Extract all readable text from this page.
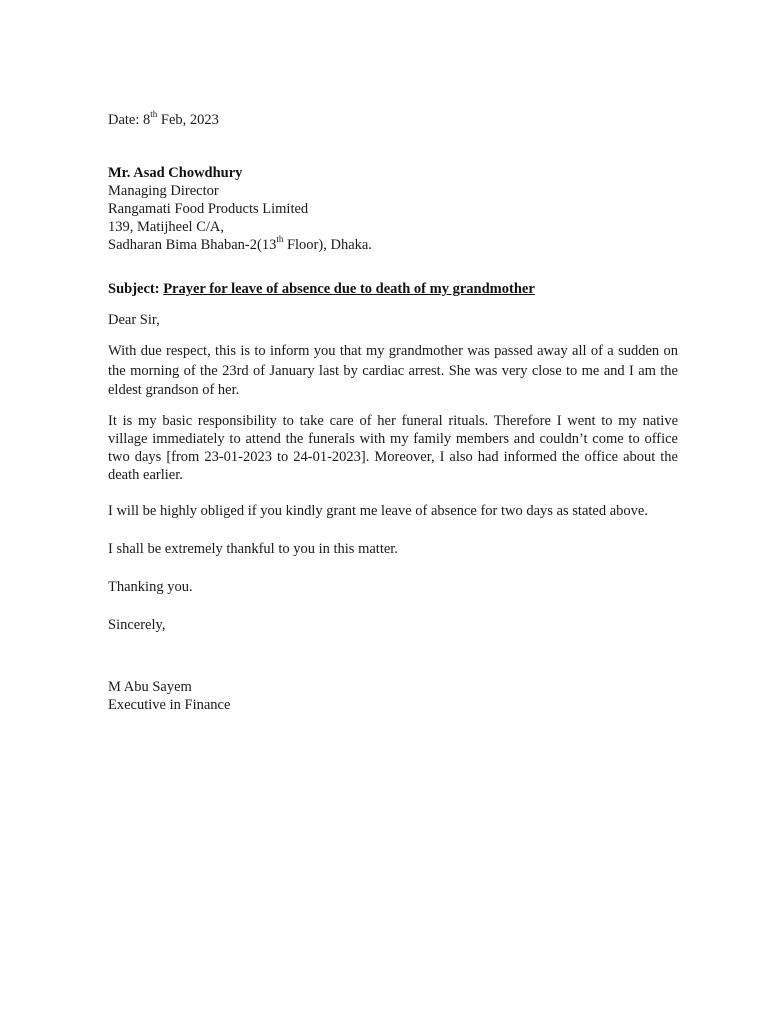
Date: 8th Feb, 2023
Mr. Asad Chowdhury
Managing Director
Rangamati Food Products Limited
139, Matijheel C/A,
Sadharan Bima Bhaban-2(13th Floor), Dhaka.
Subject: Prayer for leave of absence due to death of my grandmother
Dear Sir,
With due respect, this is to inform you that my grandmother was passed away all of a sudden on the morning of the 23rd of January last by cardiac arrest. She was very close to me and I am the eldest grandson of her.
It is my basic responsibility to take care of her funeral rituals. Therefore I went to my native village immediately to attend the funerals with my family members and couldn’t come to office two days [from 23-01-2023 to 24-01-2023]. Moreover, I also had informed the office about the death earlier.
I will be highly obliged if you kindly grant me leave of absence for two days as stated above.
I shall be extremely thankful to you in this matter.
Thanking you.
Sincerely,
M Abu Sayem
Executive in Finance
